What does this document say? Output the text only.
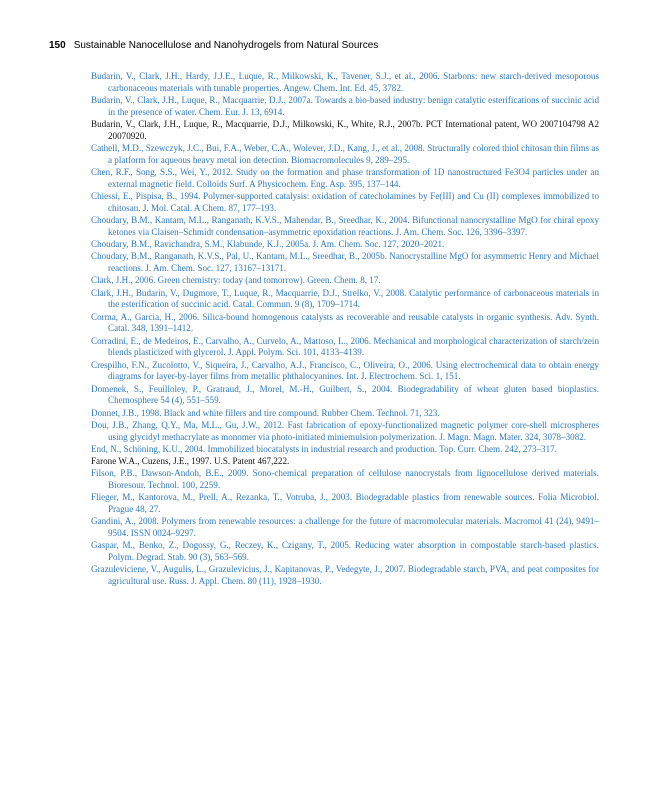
150 Sustainable Nanocellulose and Nanohydrogels from Natural Sources
Budarin, V., Clark, J.H., Hardy, J.J.E., Luque, R., Milkowski, K., Tavener, S.J., et al., 2006. Starbons: new starch-derived mesoporous carbonaceous materials with tunable properties. Angew. Chem. Int. Ed. 45, 3782.
Budarin, V., Clark, J.H., Luque, R., Macquarrie, D.J., 2007a. Towards a bio-based industry: benign catalytic esterifications of succinic acid in the presence of water. Chem. Eur. J. 13, 6914.
Budarin, V., Clark, J.H., Luque, R., Macquarrie, D.J., Milkowski, K., White, R.J., 2007b. PCT International patent, WO 2007104798 A2 20070920.
Cathell, M.D., Szewczyk, J.C., Bui, F.A., Weber, C.A., Wolever, J.D., Kang, J., et al., 2008. Structurally colored thiol chitosan thin films as a platform for aqueous heavy metal ion detection. Biomacromolecules 9, 289–295.
Chen, R.F., Song, S.S., Wei, Y., 2012. Study on the formation and phase transformation of 1D nanostructured Fe3O4 particles under an external magnetic field. Colloids Surf. A Physicochem. Eng. Asp. 395, 137–144.
Chiessi, E., Pispisa, B., 1994. Polymer-supported catalysis: oxidation of catecholamines by Fe(III) and Cu (II) complexes immobilized to chitosan. J. Mol. Catal. A Chem. 87, 177–193.
Choudary, B.M., Kantam, M.L., Ranganath, K.V.S., Mahendar, B., Sreedhar, K., 2004. Bifunctional nanocrystalline MgO for chiral epoxy ketones via Claisen–Schmidt condensation–asymmetric epoxidation reactions. J. Am. Chem. Soc. 126, 3396–3397.
Choudary, B.M., Ravichandra, S.M., Klabunde, K.J., 2005a. J. Am. Chem. Soc. 127, 2020–2021.
Choudary, B.M., Ranganath, K.V.S., Pal, U., Kantam, M.L., Sreedhar, B., 2005b. Nanocrystalline MgO for asymmetric Henry and Michael reactions. J. Am. Chem. Soc. 127, 13167–13171.
Clark, J.H., 2006. Green chemistry: today (and tomorrow). Green. Chem. 8, 17.
Clark, J.H., Budarin, V., Dugmore, T., Luque, R., Macquarrie, D.J., Strelko, V., 2008. Catalytic performance of carbonaceous materials in the esterification of succinic acid. Catal. Commun. 9 (8), 1709–1714.
Corma, A., Garcia, H., 2006. Silica-bound homogenous catalysts as recoverable and reusable catalysts in organic synthesis. Adv. Synth. Catal. 348, 1391–1412.
Corradini, E., de Medeiros, E., Carvalho, A., Curvelo, A., Mattoso, L., 2006. Mechanical and morphological characterization of starch/zein blends plasticized with glycerol. J. Appl. Polym. Sci. 101, 4133–4139.
Crespilho, F.N., Zucolotto, V., Siqueira, J., Carvalho, A.J., Francisco, C., Oliveira, O., 2006. Using electrochemical data to obtain energy diagrams for layer-by-layer films from metallic phthalocyanines. Int. J. Electrochem. Sci. 1, 151.
Domenek, S., Feuilloley, P., Gratraud, J., Morel, M.-H., Guilbert, S., 2004. Biodegradability of wheat gluten based bioplastics. Chemosphere 54 (4), 551–559.
Donnet, J.B., 1998. Black and white fillers and tire compound. Rubber Chem. Technol. 71, 323.
Dou, J.B., Zhang, Q.Y., Ma, M.L., Gu, J.W., 2012. Fast fabrication of epoxy-functionalized magnetic polymer core-shell microspheres using glycidyl methacrylate as monomer via photo-initiated miniemulsion polymerization. J. Magn. Magn. Mater. 324, 3078–3082.
End, N., Schöning, K.U., 2004. Immobilized biocatalysts in industrial research and production. Top. Curr. Chem. 242, 273–317.
Farone W.A., Cuzens, J.E., 1997. U.S. Patent 467,222.
Filson, P.B., Dawson-Andoh, B.E., 2009. Sono-chemical preparation of cellulose nanocrystals from lignocellulose derived materials. Bioresour. Technol. 100, 2259.
Flieger, M., Kantorova, M., Prell, A., Rezanka, T., Votruba, J., 2003. Biodegradable plastics from renewable sources. Folia Microbiol. Prague 48, 27.
Gandini, A., 2008. Polymers from renewable resources: a challenge for the future of macromolecular materials. Macromol 41 (24), 9491–9504. ISSN 0024–9297.
Gaspar, M., Benko, Z., Dogossy, G., Reczey, K., Czigany, T., 2005. Reducing water absorption in compostable starch-based plastics. Polym. Degrad. Stab. 90 (3), 563–569.
Grazuleviciene, V., Augulis, L., Grazulevicius, J., Kapitanovas, P., Vedegyte, J., 2007. Biodegradable starch, PVA, and peat composites for agricultural use. Russ. J. Appl. Chem. 80 (11), 1928–1930.
